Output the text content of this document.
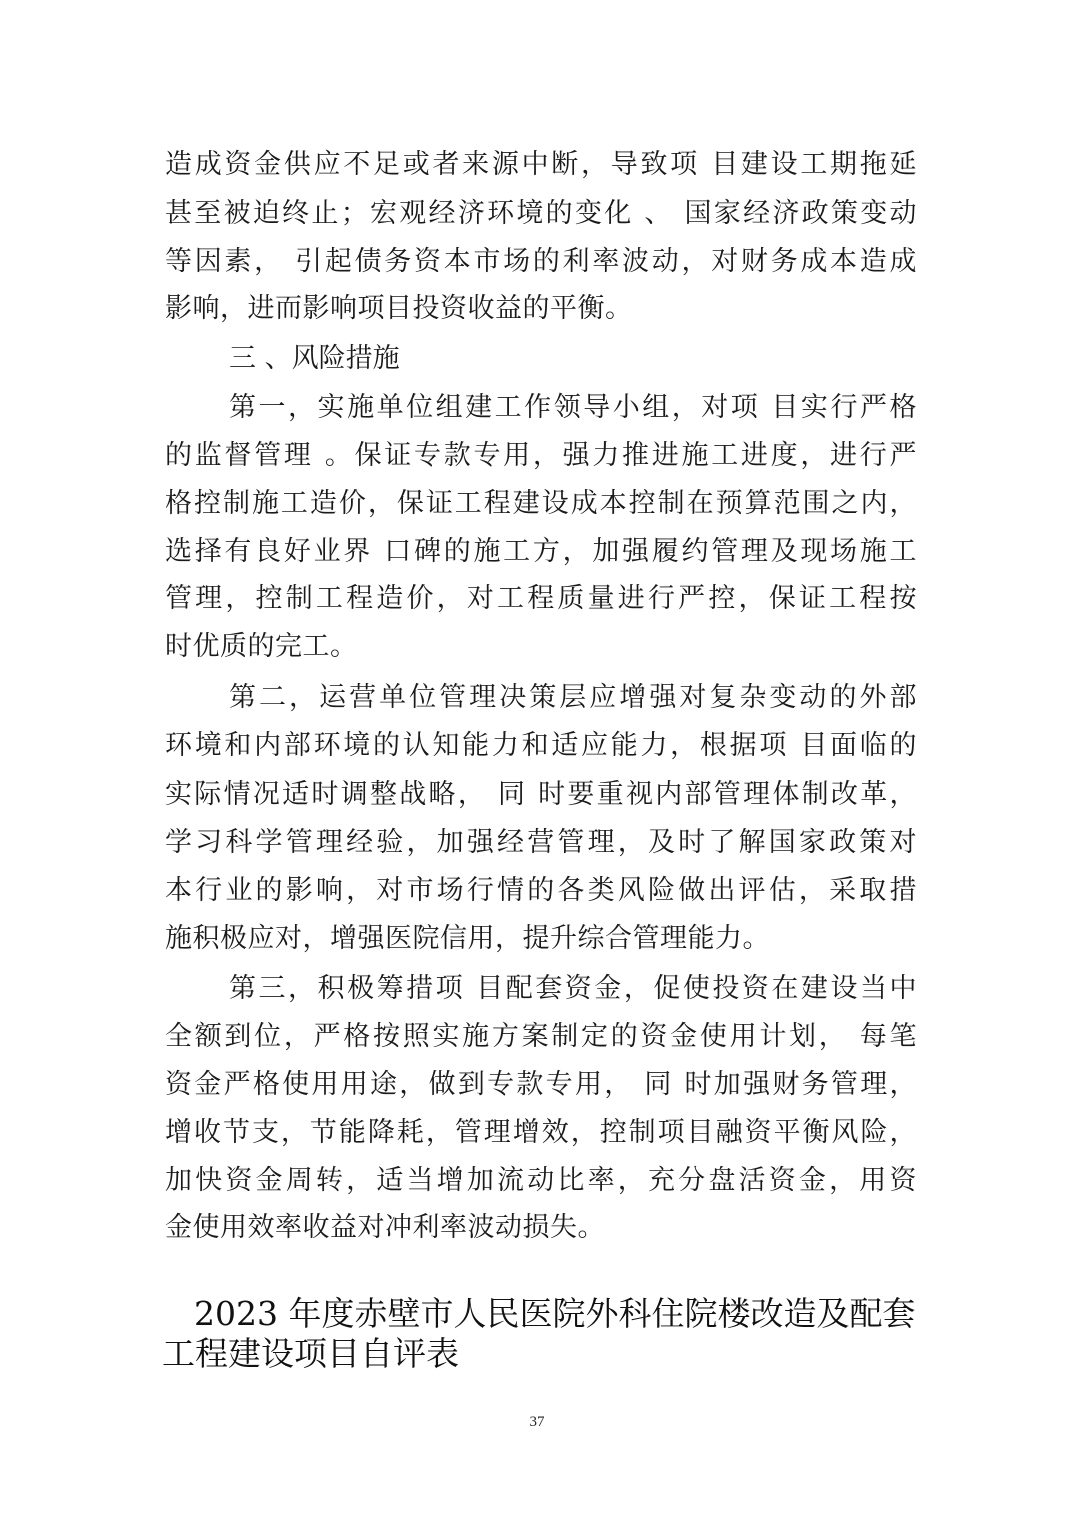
造成资金供应不足或者来源中断，导致项 目建设工期拖延
甚至被迫终止；宏观经济环境的变化 、 国家经济政策变动
等因素， 引起债务资本市场的利率波动，对财务成本造成
影响，进而影响项目投资收益的平衡。
三 、风险措施
第一，实施单位组建工作领导小组，对项 目实行严格
的监督管理 。保证专款专用，强力推进施工进度，进行严
格控制施工造价，保证工程建设成本控制在预算范围之内，
选择有良好业界 口碑的施工方，加强履约管理及现场施工
管理，控制工程造价，对工程质量进行严控，保证工程按
时优质的完工。
第二，运营单位管理决策层应增强对复杂变动的外部
环境和内部环境的认知能力和适应能力，根据项 目面临的
实际情况适时调整战略， 同 时要重视内部管理体制改革，
学习科学管理经验，加强经营管理，及时了解国家政策对
本行业的影响，对市场行情的各类风险做出评估，采取措
施积极应对，增强医院信用，提升综合管理能力。
第三，积极筹措项 目配套资金，促使投资在建设当中
全额到位，严格按照实施方案制定的资金使用计划， 每笔
资金严格使用用途，做到专款专用， 同 时加强财务管理，
增收节支，节能降耗，管理增效，控制项目融资平衡风险，
加快资金周转，适当增加流动比率，充分盘活资金，用资
金使用效率收益对冲利率波动损失。
2023 年度赤壁市人民医院外科住院楼改造及配套
工程建设项目自评表
37
